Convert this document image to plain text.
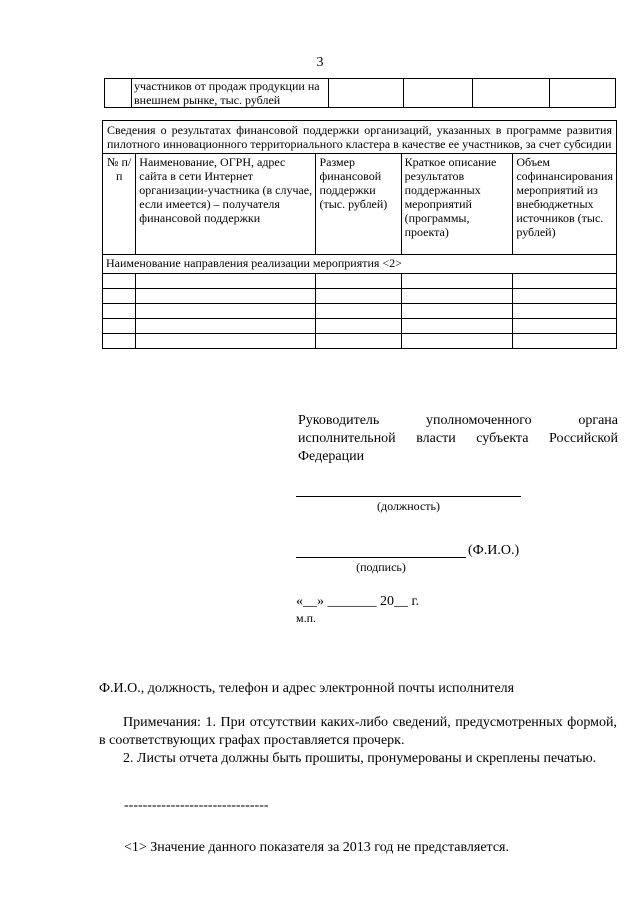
3
	участников от продаж продукции на внешнем рынке, тыс. рублей				
Сведения о результатах финансовой поддержки организаций, указанных в программе развития пилотного инновационного территориального кластера в качестве ее участников, за счет субсидии				
№ п/п	Наименование, ОГРН, адрес сайта в сети Интернет организации-участника (в случае, если имеется) – получателя финансовой поддержки	Размер финансовой поддержки (тыс. рублей)	Краткое описание результатов поддержанных мероприятий (программы, проекта)	Объем софинансирования мероприятий из внебюджетных источников (тыс. рублей)
Наименование направления реализации мероприятия <2>				

Руководитель уполномоченного органа
исполнительной власти субъекта Российской
Федерации
(должность)
(Ф.И.О.)
(подпись)
«__» _______ 20__ г.
м.п.
Ф.И.О., должность, телефон и адрес электронной почты исполнителя
Примечания: 1. При отсутствии каких-либо сведений, предусмотренных формой, в соответствующих графах проставляется прочерк.
2. Листы отчета должны быть прошиты, пронумерованы и скреплены печатью.
-------------------------------
<1> Значение данного показателя за 2013 год не представляется.
